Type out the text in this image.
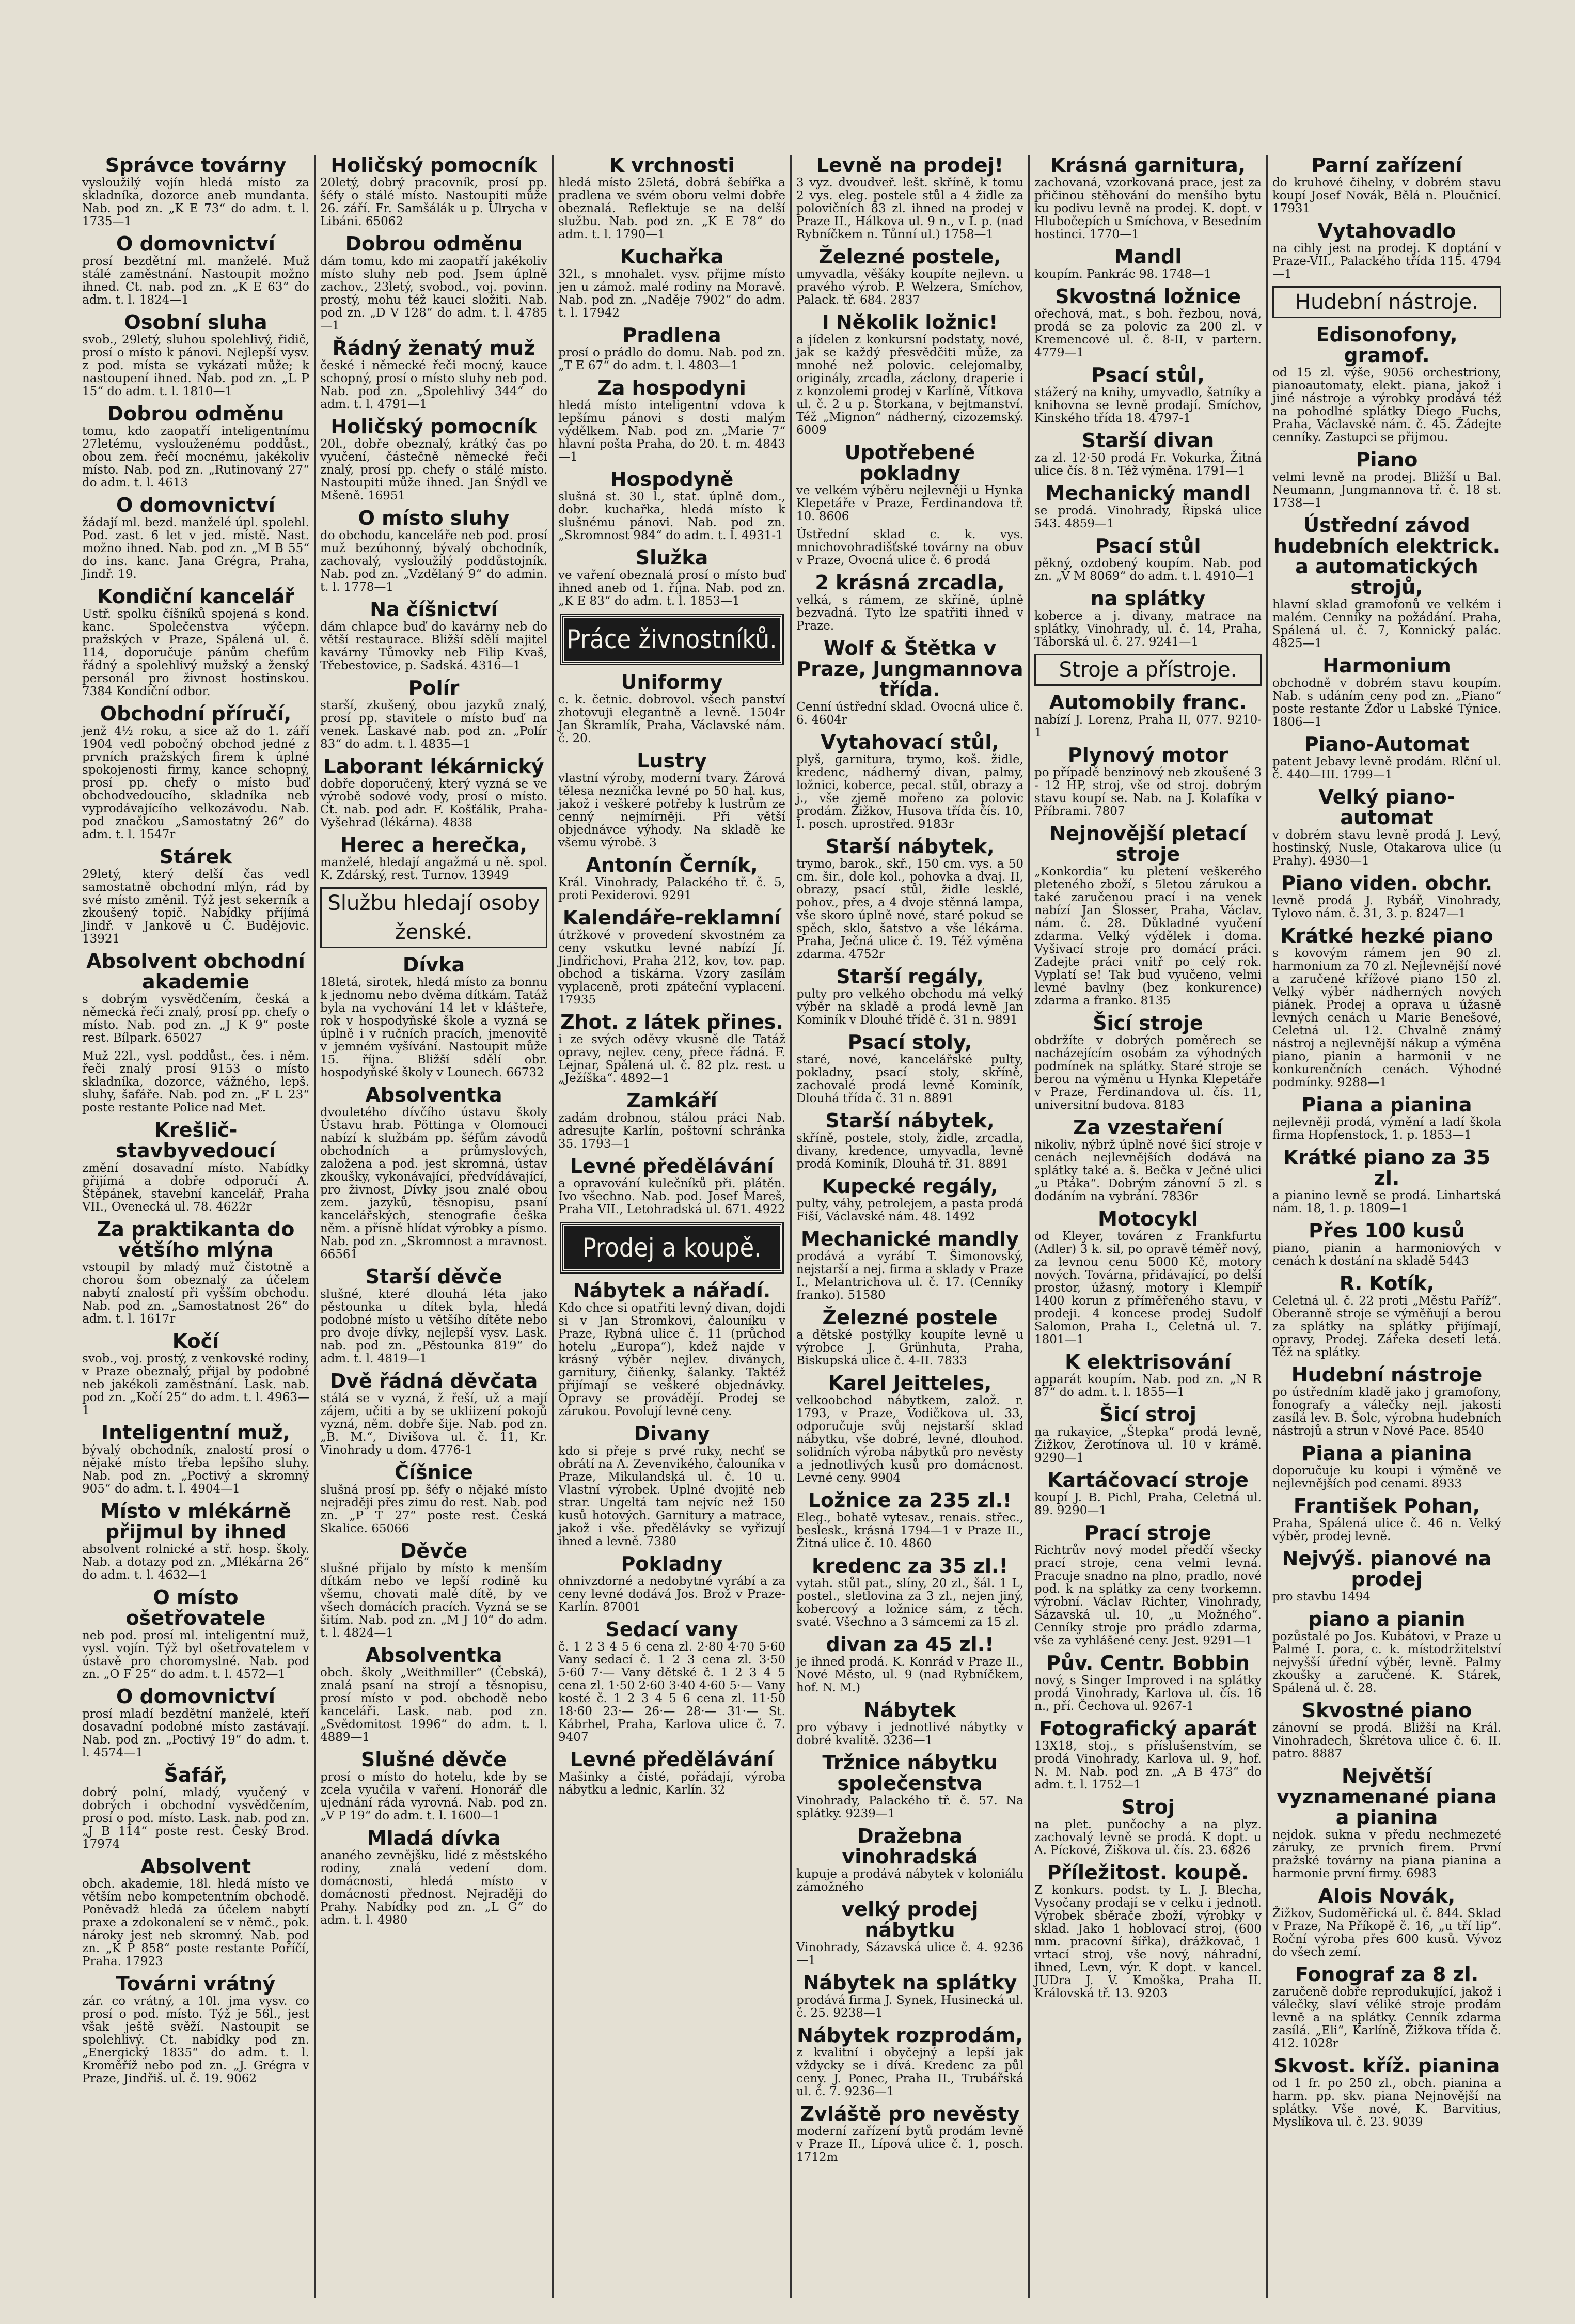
Správce továrny

vysloužilý vojín hledá místo za skladníka, dozorce aneb mundanta. Nab. pod zn. „K E 73“ do adm. t. l. 1735—1

O domovnictví

prosí bezdětní ml. manželé. Muž stálé zaměstnání. Nastoupit možno ihned. Ct. nab. pod zn. „K E 63“ do adm. t. l. 1824—1

Osobní sluha

svob., 29letý, sluhou spolehlivý, řidič, prosí o místo k pánovi. Nejlepší vysv. z pod. místa se vykázati může; k nastoupení ihned. Nab. pod zn. „L P 15“ do adm. t. l. 1810—1

Dobrou odměnu

tomu, kdo zaopatří inteligentnímu 27letému, vyslouženému poddůst., obou zem. řečí mocnému, jakékoliv místo. Nab. pod zn. „Rutinovaný 27“ do adm. t. l. 4613

O domovnictví

žádají ml. bezd. manželé úpl. spolehl. Pod. zast. 6 let v jed. místě. Nast. možno ihned. Nab. pod zn. „M B 55“ do ins. kanc. Jana Grégra, Praha, Jindř. 19.

Kondiční kancelář

Ustř. spolku číšníků spojená s kond. kanc. Společenstva výčepn. pražských v Praze, Spálená ul. č. 114, doporučuje pánům chefům řádný a spolehlivý mužský a ženský personál pro živnost hostinskou. 7384 Kondiční odbor.

Obchodní příručí,

jenž 4½ roku, a sice až do 1. září 1904 vedl pobočný obchod jedné z prvních pražských firem k úplné spokojenosti firmy, kance schopný, prosí pp. chefy o místo buď obchodvedoucího, skladníka neb vyprodávajícího velkozávodu. Nab. pod značkou „Samostatný 26“ do adm. t. l. 1547r

Stárek

29letý, který delší čas vedl samostatně obchodní mlýn, rád by své místo změnil. Týž jest sekerník a zkoušený topič. Nabídky příjímá Jindř. v Jankově u Č. Budějovic. 13921

Absolvent obchodní akademie

s dobrým vysvědčením, česká a německá řeči znalý, prosí pp. chefy o místo. Nab. pod zn. „J K 9“ poste rest. Bílpark. 65027

Muž 22l., vysl. poddůst., čes. i něm. řeči znalý prosí 9153 o místo skladníka, dozorce, vážného, lepš. sluhy, šafáře. Nab. pod zn. „F L 23“ poste restante Police nad Met.

Krešlič-stavbyvedoucí

změní dosavadní místo. Nabídky přijímá a dobře odporučí A. Štěpánek, stavební kancelář, Praha VII., Ovenecká ul. 78. 4622r

Za praktikanta do většího mlýna

vstoupil by mladý muž čistotně a chorou šom obeznalý za účelem nabytí znalostí při vyšším obchodu. Nab. pod zn. „Samostatnost 26“ do adm. t. l. 1617r

Kočí

svob., voj. prostý, z venkovské rodiny, v Praze obeznalý, přijal by podobné neb jakékoli zaměstnání. Lask. nab. pod zn. „Kočí 25“ do adm. t. l. 4963—1

Inteligentní muž,

bývalý obchodník, znalostí prosí o nějaké místo třeba lepšího sluhy. Nab. pod zn. „Poctivý a skromný 905“ do adm. t. l. 4904—1

Místo v mlékárně přijmul by ihned

absolvent rolnické a stř. hosp. školy. Nab. a dotazy pod zn. „Mlékárna 26“ do adm. t. l. 4632—1

O místo ošetřovatele

neb pod. prosí ml. inteligentní muž, vysl. vojín. Týž byl ošetřovatelem v ústavě pro choromyslné. Nab. pod zn. „O F 25“ do adm. t. l. 4572—1

O domovnictví

prosí mladí bezdětní manželé, kteří dosavadní podobné místo zastávají. Nab. pod zn. „Poctivý 19“ do adm. t. l. 4574—1

Šafář,

dobrý polní, mladý, vyučený v dobrých i obchodní vysvědčením, prosí o pod. místo. Lask. nab. pod zn. „J B 114“ poste rest. Český Brod. 17974

Absolvent

obch. akademie, 18l. hledá místo ve větším nebo kompetentním obchodě. Poněvadž hledá za účelem nabytí praxe a zdokonalení se v němč., pok. nároky jest neb skromný. Nab. pod zn. „K P 858“ poste restante Poříčí, Praha. 17923

Továrni vrátný

zár. co vrátný, a 10l. jma vysv. co prosí o pod. místo. Týž je 56l., jest však ještě svěží. Nastoupit se spolehlivý. Ct. nabídky pod zn. „Energický 1835“ do adm. t. l. Kroměříž nebo pod zn. „J. Grégra v Praze, Jindřiš. ul. č. 19. 9062

Holičský pomocník

20letý, dobrý pracovník, prosí pp. šéfy o stálé místo. Nastoupiti může 26. září. Fr. Samšálák u p. Ulrycha v Libáni. 65062

Dobrou odměnu

dám tomu, kdo mi zaopatří jakékoliv místo sluhy neb pod. Jsem úplně zachov., 23letý, svobod., voj. povinn. prostý, mohu též kauci složiti. Nab. pod zn. „D V 128“ do adm. t. l. 4785—1

Řádný ženatý muž

české i německé řeči mocný, kauce schopný, prosí o místo sluhy neb pod. Nab. pod zn. „Spolehlivý 344“ do adm. t. l. 4791—1

Holičský pomocník

20l., dobře obeznalý, krátký čas po vyučení, částečně německé řeči znalý, prosí pp. chefy o stálé místo. Nastoupiti může ihned. Jan Šnýdl ve Mšeně. 16951

O místo sluhy

do obchodu, kanceláře neb pod. prosí muž bezúhonný, bývalý obchodník, zachovalý, vysloužilý poddůstojník. Nab. pod zn. „Vzdělaný 9“ do admin. t. l. 1778—1

Na číšnictví

dám chlapce buď do kavárny neb do větší restaurace. Bližší sdělí majitel kavárny Tůmovky neb Filip Kvaš, Třebestovice, p. Sadská. 4316—1

Polír

starší, zkušený, obou jazyků znalý, prosí pp. stavitele o místo buď na venek. Laskavé nab. pod zn. „Polír 83“ do adm. t. l. 4835—1

Laborant lékárnický

dobře doporučený, který vyzná se ve výrobě sodové vody, prosí o místo. Ct. nab. pod adr. F. Košťálik, Praha-Vyšehrad (lékárna). 4838

Herec a herečka,

manželé, hledají angažmá u ně. spol. K. Zdárský, rest. Turnov. 13949

Službu hledají osoby ženské.
Dívka

18letá, sirotek, hledá místo za bonnu k jednomu nebo dvěma dítkám. Tatáž byla na vychování 14 let v klášteře, rok v hospodyňské škole a vyzná se úplně i v ručních pracích, jmenovitě v jemném vyšívání. Nastoupit může 15. října. Bližší sdělí obr. hospodyňské školy v Lounech. 66732

Absolventka

dvouletého dívčího ústavu školy Ústavu hrab. Pöttinga v Olomouci nabízí k službám pp. šéfům závodů obchodních a průmyslových, založena a pod. jest skromná, ústav zkoušky, vykonávající, předvídávající, pro živnost, Dívky jsou znalé obou zem. jazyků, těsnopisu, psaní kancelářských, stenografie češka něm. a přísně hlídat výrobky a písmo. Nab. pod zn. „Skromnost a mravnost. 66561

Starší děvče

slušné, které dlouhá léta jako pěstounka u dítek byla, hledá podobné místo u většího dítěte nebo pro dvoje dívky, nejlepší vysv. Lask. nab. pod zn. „Pěstounka 819“ do adm. t. l. 4819—1

Dvě řádná děvčata

stálá se v vyzná, ž řeší, už a mají zájem, učiti a by se ukliizení pokojů vyzná, něm. dobře šije. Nab. pod zn. „B. M.“, Divišova ul. č. 11, Kr. Vinohrady u dom. 4776-1

Číšnice

slušná prosí pp. šéfy o nějaké místo nejraději přes zimu do rest. Nab. pod zn. „P T 27“ poste rest. Česká Skalice. 65066

Děvče

slušné přijalo by místo k menším dítkám nebo ve lepší rodině ku všemu, chovati malé dítě, by ve všech domácích pracích. Vyzná se se šitím. Nab. pod zn. „M J 10“ do adm. t. l. 4824—1

Absolventka

obch. školy „Weithmiller“ (Čebská), znalá psaní na strojí a těsnopisu, prosí místo v pod. obchodě nebo kanceláři. Lask. nab. pod zn. „Svědomitost 1996“ do adm. t. l. 4889—1

Slušné děvče

prosí o místo do hotelu, kde by se zcela vyučila v vaření. Honorář dle ujednání ráda vyrovná. Nab. pod zn. „V P 19“ do adm. t. l. 1600—1

Mladá dívka

ananého zevnějšku, lidé z městského rodiny, znalá vedení dom. domácnosti, hledá místo v domácnosti přednost. Nejraději do Prahy. Nabídky pod zn. „L G“ do adm. t. l. 4980

K vrchnosti

hledá místo 25letá, dobrá šebířka a pradlena ve svém oboru velmi dobře obeznalá. Reflektuje se na delší službu. Nab. pod zn. „K E 78“ do adm. t. l. 1790—1

Kuchařka

32l., s mnohalet. vysv. přijme místo jen u zámož. malé rodiny na Moravě. Nab. pod zn. „Naděje 7902“ do adm. t. l. 17942

Pradlena

prosí o prádlo do domu. Nab. pod zn. „T E 67“ do adm. t. l. 4803—1

Za hospodyni

hledá místo inteligentní vdova k lepšímu pánovi s dosti malým výdělkem. Nab. pod zn. „Marie 7“ hlavní pošta Praha, do 20. t. m. 4843—1

Hospodyně

slušná st. 30 l., stat. úplně dom., dobr. kuchařka, hledá místo k slušnému pánovi. Nab. pod zn. „Skromnost 984“ do adm. t. l. 4931-1

Služka

ve vaření obeznalá prosí o místo buď ihned aneb od 1. října. Nab. pod zn. „K E 83“ do adm. t. l. 1853—1

Práce živnostníků.
Uniformy

c. k. četnic. dobrovol. všech panství zhotovuji elegantně a levně. 1504r Jan Škramlík, Praha, Václavské nám. č. 20.

Lustry

vlastní výroby, moderní tvary. Žárová tělesa neznička levné po 50 hal. kus, jakož i veškeré potřeby k lustrům ze cenný nejmírněji. Při větší objednávce výhody. Na skladě ke všemu výrobě. 3

Antonín Černík,

Král. Vinohrady, Palackého tř. č. 5, proti Pexiderovi. 9291

Kalendáře-reklamní

útržkové v provedení skvostném za ceny vskutku levné nabízí Jí. Jindřichovi, Praha 212, kov, tov. pap. obchod a tiskárna. Vzory zasílám vyplaceně, proti zpáteční vyplacení. 17935

Zhot. z látek přines.

i ze svých oděvy vkusně dle Tatáž opravy, nejlev. ceny, přece řádná. F. Lejnar, Spálená ul. č. 82 plz. rest. u „Ježíška“. 4892—1

Zamkáří

zadám drobnou, stálou práci Nab. adresujte Karlín, poštovní schránka 35. 1793—1

Levné předělávání

a opravování kulečníků při. plátěn. Ivo všechno. Nab. pod. Josef Mareš, Praha VII., Letohradská ul. 671. 4922

Prodej a koupě.
Nábytek a nářadí.

Kdo chce si opatřiti levný divan, dojdi si v Jan Stromkovi, čalouníku v Praze, Rybná ulice č. 11 (průchod hotelu „Europa“), kdež najde v krásný výběr nejlev. diványch, garnitury, čiňenky, šalanky. Taktéž přijímají se veškeré objednávky. Opravy se provádějí. Prodej se zárukou. Povolují levné ceny.

Divany

kdo si přeje s prvé ruky, nechť se obrátí na A. Zevenvikého, čalouníka v Praze, Mikulandská ul. č. 10 u. Vlastní výrobek. Úplné dvojité neb strar. Ungeltá tam nejvíc než 150 kusů hotových. Garnitury a matrace, jakož i vše. předělávky se vyřizují ihned a levně. 7380

Pokladny

ohnivzdorné a nedobytné vyrábí a za ceny levné dodává Jos. Brož v Praze-Karlín. 87001

Sedací vany

č. 1 2 3 4 5 6 cena zl. 2·80 4·70 5·60 Vany sedací č. 1 2 3 cena zl. 3·50 5·60 7·— Vany dětské č. 1 2 3 4 5 cena zl. 1·50 2·60 3·40 4·60 5·— Vany kosté č. 1 2 3 4 5 6 cena zl. 11·50 18·60 23·— 26·— 28·— 31·— St. Kábrhel, Praha, Karlova ulice č. 7. 9407

Levné předělávání

Mašinky a čisté, pořádají, výroba nábytku a lednic, Karlín. 32

Levně na prodej!

3 vyz. dvoudveř. lešt. skříně, k tomu 2 vys. eleg. postele stůl a 4 židle za polovičních 83 zl. ihned na prodej v Praze II., Hálkova ul. 9 n., v I. p. (nad Rybníčkem n. Tůnní ul.) 1758—1

Železné postele,

umyvadla, věšáky koupíte nejlevn. u pravého výrob. P. Welzera, Smíchov, Palack. tř. 684. 2837

I Několik ložnic!

a jídelen z konkursní podstaty, nové, jak se každý přesvědčiti může, za mnohé než polovic. celejomalby, originály, zrcadla, záclony, draperie i z konzolemi prodej v Karlíně, Vítkova ul. č. 2 u p. Štorkana, v bejtmanství. Též „Mignon“ nádherný, cizozemský. 6009

Upotřebené pokladny

ve velkém výběru nejlevněji u Hynka Klepetáře v Praze, Ferdinandova tř. 10. 8606

Ústřední sklad c. k. vys. mnichovohradišťské továrny na obuv v Praze, Ovocná ulice č. 6 prodá

2 krásná zrcadla,

velká, s rámem, ze skříně, úplně bezvadná. Tyto lze spatřiti ihned v Praze.

Wolf & Štětka v Praze, Jungmannova třída.

Cenní ústřední sklad. Ovocná ulice č. 6. 4604r

Vytahovací stůl,

plyš, garnitura, trymo, koš. židle, kredenc, nádherný divan, palmy, ložnici, koberce, pecal. stůl, obrazy a j., vše zjemě mořeno za polovic prodám. Žižkov, Husova třída čís. 10, I. posch. uprostřed. 9183r

Starší nábytek,

trymo, barok., skř., 150 cm. vys. a 50 cm. šir., dole kol., pohovka a dvaj. II, obrazy, psací stůl, židle lesklé, pohov., přes, a 4 dvoje stěnná lampa, vše skoro úplně nové, staré pokud se spěch, sklo, šatstvo a vše lékárna. Praha, Ječná ulice č. 19. Též výměna zdarma. 4752r

Starší regály,

pulty pro velkého obchodu má velký výběr na skladě a prodá levně Jan Kominík v Dlouhé třídě č. 31 n. 9891

Psací stoly,

staré, nové, kancelářské pulty, pokladny, psací stoly, skříně, zachovalé prodá levně Kominík, Dlouhá třída č. 31 n. 8891

Starší nábytek,

skříně, postele, stoly, židle, zrcadla, divany, kredence, umyvadla, levně prodá Kominík, Dlouhá tř. 31. 8891

Kupecké regály,

pulty, váhy, petrolejem, a pasta prodá Fiší, Václavské nám. 48. 1492

Mechanické mandly

prodává a vyrábí T. Šimonovský, nejstarší a nej. firma a sklady v Praze I., Melantrichova ul. č. 17. (Cenníky franko). 51580

Železné postele

a dětské postýlky koupíte levně u výrobce J. Grünhuta, Praha, Biskupská ulice č. 4-II. 7833

Karel Jeitteles,

velkoobchod nábytkem, založ. r. 1793, v Praze, Vodičkova ul. 33, odporučuje svůj nejstarší sklad nábytku, vše dobré, levné, dlouhod. solidních výroba nábytků pro nevěsty a jednotlivých kusů pro domácnost. Levné ceny. 9904

Ložnice za 235 zl.!

Eleg., bohatě vytesav., renais. střec., beslesk., krásná 1794—1 v Praze II., Žitná ulice č. 10. 4860

kredenc za 35 zl.!

vytah. stůl pat., slíny, 20 zl., šál. 1 L, postel., sletlovina za 3 zl., nejen jiný, kobercový a ložnice sám, z těch. svaté. Všechno a 3 sámcemi za 15 zl.

divan za 45 zl.!

je ihned prodá. K. Konrád v Praze II., Nové Město, ul. 9 (nad Rybníčkem, hof. N. M.)

Nábytek

pro výbavy i jednotlivé nábytky v dobré kvalitě. 3236—1

Tržnice nábytku společenstva

Vinohrady, Palackého tř. č. 57. Na splátky. 9239—1

Dražebna vinohradská

kupuje a prodává nábytek v koloniálu zámožného

velký prodej nábytku

Vinohrady, Sázavská ulice č. 4. 9236—1

Nábytek na splátky

prodává firma J. Synek, Husinecká ul. č. 25. 9238—1

Nábytek rozprodám,

z kvalitní i obyčejný a lepší jak vždycky se i dívá. Kredenc za půl ceny. J. Ponec, Praha II., Trubářská ul. č. 7. 9236—1

Zvláště pro nevěsty

moderní zařízení bytů prodám levně v Praze II., Lípová ulice č. 1, posch. 1712m

Krásná garnitura,

zachovaná, vzorkovaná prace, jest za přičinou stěhování do menšího bytu ku podivu levně na prodej. K. dopt. v Hlubočepích u Smíchova, v Besedním hostinci. 1770—1

Mandl

koupím. Pankrác 98. 1748—1

Skvostná ložnice

ořechová, mat., s boh. řezbou, nová, prodá se za polovic za 200 zl. v Kremencové ul. č. 8-II, v partern. 4779—1

Psací stůl,

stážerý na knihy, umyvadlo, šatníky a knihovna se levně prodají. Smíchov, Kinského třída 18. 4797-1

Starší divan

za zl. 12·50 prodá Fr. Vokurka, Žitná ulice čís. 8 n. Též výměna. 1791—1

Mechanický mandl

se prodá. Vinohrady, Řipská ulice 543. 4859—1

Psací stůl

pěkný, ozdobený koupím. Nab. pod zn. „V M 8069“ do adm. t. l. 4910—1

na splátky

koberce a j. divany, matrace na splátky, Vinohrady, ul. č. 14, Praha, Táborská ul. č. 27. 9241—1

Stroje a přístroje.
Automobily franc.

nabízí J. Lorenz, Praha II, 077. 9210-1

Plynový motor

po případě benzinový neb zkoušené 3 - 12 HP, stroj, vše od stroj. dobrým stavu koupí se. Nab. na J. Kolafíka v Příbrami. 7807

Nejnovější pletací stroje

„Konkordia“ ku pletení veškerého pleteného zboží, s 5letou zárukou a také zaručenou prací i na venek nabízí Jan Šlosser, Praha, Václav. nám. č. 28. Důkladné vyučení zdarma. Velký výdělek i doma. Vyšivací stroje pro domácí práci. Zadejte práci vnitř po celý rok. Vyplatí se! Tak bud vyučeno, velmi levné bavlny (bez konkurence) zdarma a franko. 8135

Šicí stroje

obdržíte v dobrých poměrech se nacházejícím osobám za výhodných podmínek na splátky. Staré stroje se berou na výměnu u Hynka Klepetáře v Praze, Ferdinandova ul. čís. 11, universitní budova. 8183

Za vzestaření

nikoliv, nýbrž úplně nové šicí stroje v cenách nejlevnějších dodává na splátky také a. š. Bečka v Ječné ulici „u Ptáka“. Dobrým zánovní 5 zl. s dodáním na vybrání. 7836r

Motocykl

od Kleyer, továren z Frankfurtu (Adler) 3 k. sil, po opravě téměř nový, za levnou cenu 5000 Kč, motory nových. Továrna, přidávající, po delší prostor, úžasný, motory i Klempíř 1400 korun z příměřeného stavu, v prodeji. 4 koncese prodej Sudolf Salomon, Praha I., Celetná ul. 7. 1801—1

K elektrisování

apparát koupím. Nab. pod zn. „N R 87“ do adm. t. l. 1855—1

Šicí stroj

na rukavice, „Štepka“ prodá levně, Žižkov, Žerotínova ul. 10 v krámě. 9290—1

Kartáčovací stroje

koupí J. B. Pichl, Praha, Celetná ul. 89. 9290—1

Prací stroje

Richtrův nový model předčí všecky prací stroje, cena velmi levná. Pracuje snadno na plno, pradlo, nové pod. k na splátky za ceny tvorkemn. výrobní. Václav Richter, Vinohrady, Sázavská ul. 10, „u Možného“. Cenníky stroje pro prádlo zdarma, vše za vyhlášené ceny. Jest. 9291—1

Pův. Centr. Bobbin

nový, s Singer Improved i na splátky prodá Vinohrady, Karlova ul. čís. 16 n., pří. Čechova ul. 9267-1

Fotografický aparát

13X18, stoj., s příslušenstvím, se prodá Vinohrady, Karlova ul. 9, hof. N. M. Nab. pod zn. „A B 473“ do adm. t. l. 1752—1

Stroj

na plet. punčochy a na plyz. zachovalý levně se prodá. K dopt. u A. Píckové, Žiškova ul. čís. 23. 6826

Příležitost. koupě.

Z konkurs. podst. ty L. J. Blecha, Vysočany prodají se v celku i jednotl. Výrobek sběrače zboží, výrobky v sklad. Jako 1 hoblovací stroj, (600 mm. pracovní šířka), drážkovač, 1 vrtací stroj, vše nový, náhradní, ihned, Levn, výr. K dopt. v kancel. JUDra J. V. Kmoška, Praha II. Královská tř. 13. 9203

Parní zařízení

do kruhové čihelny, v dobrém stavu koupí Josef Novák, Bělá n. Ploučnicí. 17931

Vytahovadlo

na cihly jest na prodej. K doptání v Praze-VII., Palackého třída 115. 4794—1

Hudební nástroje.
Edisonofony, gramof.

od 15 zl. výše, 9056 orchestriony, pianoautomaty, elekt. piana, jakož i jiné nástroje a výrobky prodává též na pohodlné splátky Diego Fuchs, Praha, Václavské nám. č. 45. Žádejte cenníky. Zastupci se přijmou.

Piano

velmi levně na prodej. Bližší u Bal. Neumann, Jungmannova tř. č. 18 st. 1738—1

Ústřední závod hudebních elektrick. a automatických strojů,

hlavní sklad gramofonů ve velkém i malém. Cenníky na požádání. Praha, Spálená ul. č. 7, Konnický palác. 4825—1

Harmonium

obchodně v dobrém stavu koupím. Nab. s udáním ceny pod zn. „Piano“ poste restante Žďor u Labské Týnice. 1806—1

Piano-Automat

patent Jebavy levně prodám. Rlční ul. č. 440—III. 1799—1

Velký piano-automat

v dobrém stavu levně prodá J. Levý, hostinský, Nusle, Otakarova ulice (u Prahy). 4930—1

Piano viden. obchr.

levně prodá J. Rybář, Vinohrady, Tylovo nám. č. 31, 3. p. 8247—1

Krátké hezké piano

s kovovým rámem jen 90 zl. harmonium za 70 zl. Nejlevnější nové a zaručené křížové piano 150 zl. Velký výběr nádherných nových piánek. Prodej a oprava u úžasně levných cenách u Marie Benešové, Celetná ul. 12. Chvalně známý nástroj a nejlevnější nákup a výměna piano, pianin a harmonii v ne konkurenčních cenách. Výhodné podmínky. 9288—1

Piana a pianina

nejlevněji prodá, výmění a ladí škola firma Hopfenstock, 1. p. 1853—1

Krátké piano za 35 zl.

a pianino levně se prodá. Linhartská nám. 18, 1. p. 1809—1

Přes 100 kusů

piano, pianin a harmoniových v cenách k dostání na skladě 5443

R. Kotík,

Celetná ul. č. 22 proti „Městu Paříž“. Oberanně stroje se výměňují a berou za splátky na splátky přijímají, opravy, Prodej. Zářeka deseti letá. Též na splátky.

Hudební nástroje

po ústředním kladě jako j gramofony, fonografy a válečky nejl. jakosti zasílá lev. B. Šolc, výrobna hudebních nástrojů a strun v Nové Pace. 8540

Piana a pianina

doporučuje ku koupi i výměně ve nejlevnějších pod cenami. 8933

František Pohan,

Praha, Spálená ulice č. 46 n. Velký výběr, prodej levně.

Nejvýš. pianové na prodej

pro stavbu 1494

piano a pianin

pozůstalé po Jos. Kubátovi, v Praze u Palmé I. pora, c. k. místodržitelství nejvyšší úřední výběr, levně. Palmy zkoušky a zaručené. K. Stárek, Spálená ul. č. 28.

Skvostné piano

zánovní se prodá. Bližší na Král. Vinohradech, Škrétova ulice č. 6. II. patro. 8887

Největší vyznamenané piana a pianina

nejdok. sukna v předu nechmezeté záruky, ze prvních firem. První pražské továrny na piana pianina a harmonie první firmy. 6983

Alois Novák,

Žižkov, Sudoměřická ul. č. 844. Sklad v Praze, Na Příkopě č. 16, „u tří lip“. Roční výroba přes 600 kusů. Vývoz do všech zemí.

Fonograf za 8 zl.

zaručeně dobře reprodukující, jakož i válečky, slaví véliké stroje prodám levně a na splátky. Cenník zdarma zasílá. „Eli“, Karlíně, Žižkova třída č. 412. 1028r

Skvost. kříž. pianina

od 1 fr. po 250 zl., obch. pianina a harm. pp. skv. piana Nejnovější na splátky. Vše nové, K. Barvitius, Myslíkova ul. č. 23. 9039
